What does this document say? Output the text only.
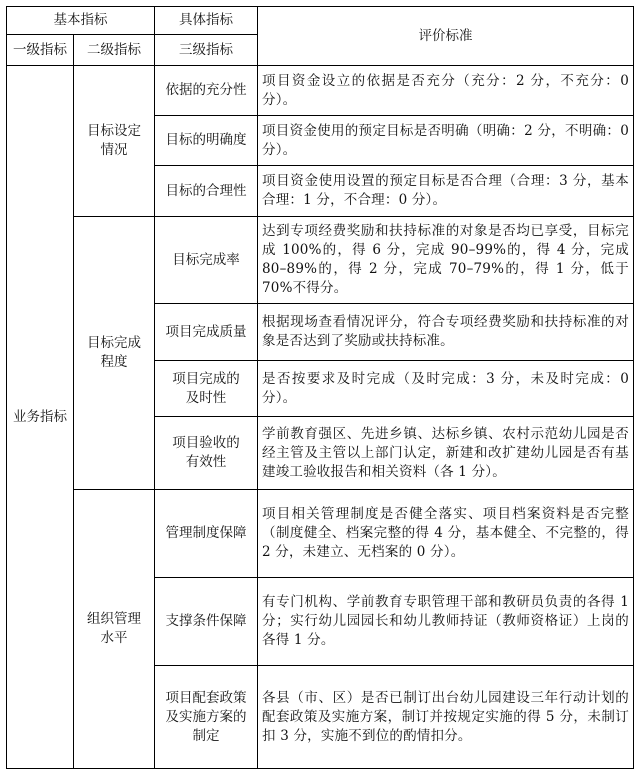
基本指标		具体指标	评价标准
一级指标	二级指标	三级指标	
业务指标	目标设定情况	依据的充分性	项目资金设立的依据是否充分（充分：2 分，不充分：0 分）。
		目标的明确度	项目资金使用的预定目标是否明确（明确：2 分，不明确：0 分）。
		目标的合理性	项目资金使用设置的预定目标是否合理（合理：3 分，基本合理：1 分，不合理：0 分）。
	目标完成程度	目标完成率	达到专项经费奖励和扶持标准的对象是否均已享受，目标完成 100%的，得 6 分，完成 90–99%的，得 4 分，完成 80–89%的，得 2 分，完成 70–79%的，得 1 分，低于 70%不得分。
		项目完成质量	根据现场查看情况评分，符合专项经费奖励和扶持标准的对象是否达到了奖励或扶持标准。
		项目完成的及时性	是否按要求及时完成（及时完成：3 分，未及时完成：0 分）。
		项目验收的有效性	学前教育强区、先进乡镇、达标乡镇、农村示范幼儿园是否经主管及主管以上部门认定，新建和改扩建幼儿园是否有基建竣工验收报告和相关资料（各 1 分）。
	组织管理水平	管理制度保障	项目相关管理制度是否健全落实、项目档案资料是否完整（制度健全、档案完整的得 4 分，基本健全、不完整的，得 2 分，未建立、无档案的 0 分）。
		支撑条件保障	有专门机构、学前教育专职管理干部和教研员负责的各得 1 分；实行幼儿园园长和幼儿教师持证（教师资格证）上岗的各得 1 分。
		项目配套政策及实施方案的制定	各县（市、区）是否已制订出台幼儿园建设三年行动计划的配套政策及实施方案，制订并按规定实施的得 5 分，未制订扣 3 分，实施不到位的酌情扣分。
